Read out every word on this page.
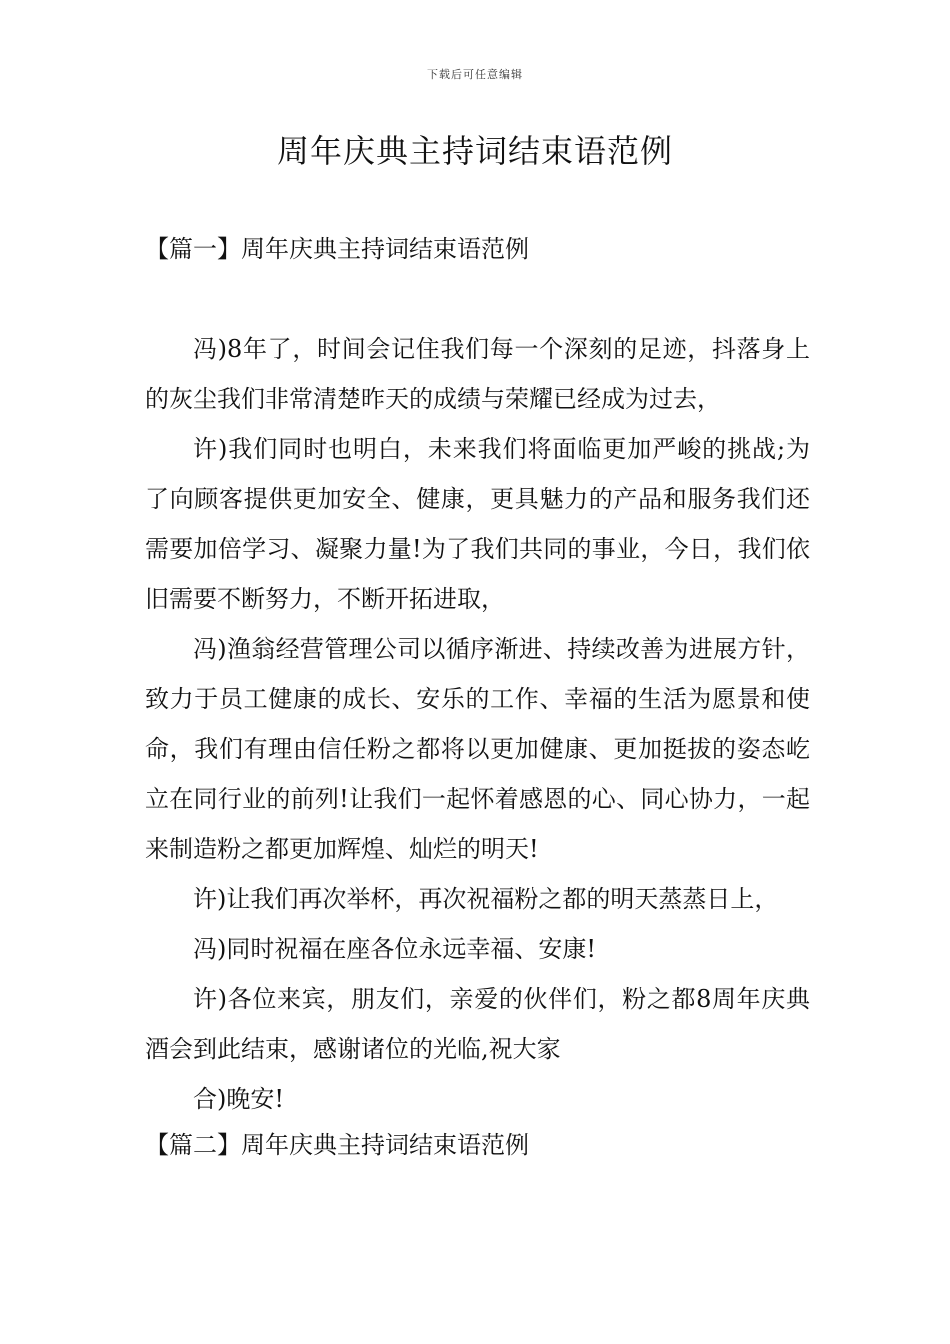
下载后可任意编辑
周年庆典主持词结束语范例
【篇一】周年庆典主持词结束语范例

冯)8年了，时间会记住我们每一个深刻的足迹，抖落身上的灰尘我们非常清楚昨天的成绩与荣耀已经成为过去，

许)我们同时也明白，未来我们将面临更加严峻的挑战;为了向顾客提供更加安全、健康，更具魅力的产品和服务我们还需要加倍学习、凝聚力量!为了我们共同的事业，今日，我们依旧需要不断努力，不断开拓进取，

冯)渔翁经营管理公司以循序渐进、持续改善为进展方针，致力于员工健康的成长、安乐的工作、幸福的生活为愿景和使命，我们有理由信任粉之都将以更加健康、更加挺拔的姿态屹立在同行业的前列!让我们一起怀着感恩的心、同心协力，一起来制造粉之都更加辉煌、灿烂的明天!

许)让我们再次举杯，再次祝福粉之都的明天蒸蒸日上，

冯)同时祝福在座各位永远幸福、安康!

许)各位来宾，朋友们，亲爱的伙伴们，粉之都8周年庆典酒会到此结束，感谢诸位的光临,祝大家

合)晚安!

【篇二】周年庆典主持词结束语范例
